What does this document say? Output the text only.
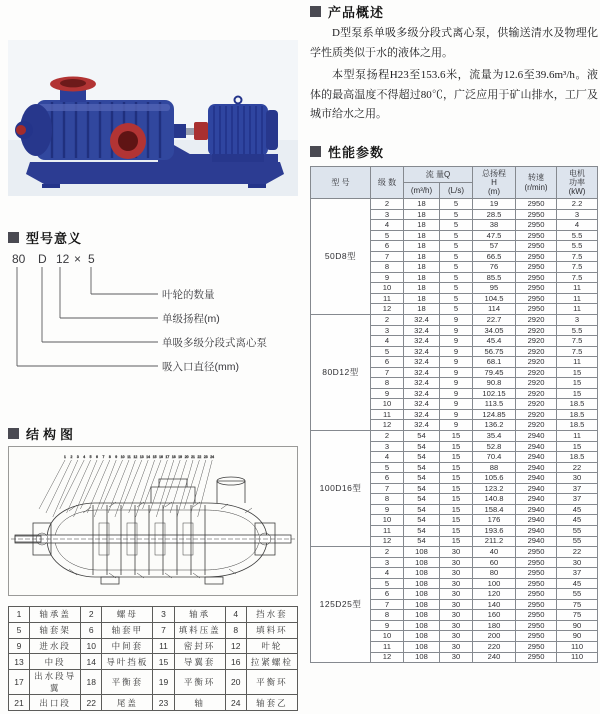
型号意义
80 D 12 × 5
叶轮的数量
单级扬程(m)
单吸多级分段式离心泵
吸入口直径(mm)
结构图
1 2 3 4 5 6 7 8 9 10 11 12 13 14 15 16 17 18 19 20 21 22 23 24
1	轴承盖	2	螺母	3	轴承	4	挡水套
5	轴套架	6	轴套甲	7	填料压盖	8	填料环
9	进水段	10	中间套	11	密封环	12	叶轮
13	中段	14	导叶挡板	15	导翼套	16	拉紧螺栓
17	出水段导翼	18	平衡套	19	平衡环	20	平衡环
21	出口段	22	尾盖	23	轴	24	轴套乙
产品概述

D型泵系单吸多级分段式离心泵，供输送清水及物理化学性质类似于水的液体之用。

本型泵扬程H23至153.6米，流量为12.6至39.6m³/h。液体的最高温度不得超过80℃，广泛应用于矿山排水，工厂及城市给水之用。

性能参数
型 号	级 数	流 量Q		总扬程
H
(m)	转速
(r/min)	电机
功率
(kW)

		(m³/h)	(L/s)			
50D8型	2	18	5	19	2950	2.2
	3	18	5	28.5	2950	3
	4	18	5	38	2950	4
	5	18	5	47.5	2950	5.5
	6	18	5	57	2950	5.5
	7	18	5	66.5	2950	7.5
	8	18	5	76	2950	7.5
	9	18	5	85.5	2950	7.5
	10	18	5	95	2950	11
	11	18	5	104.5	2950	11
	12	18	5	114	2950	11
80D12型	2	32.4	9	22.7	2920	3
	3	32.4	9	34.05	2920	5.5
	4	32.4	9	45.4	2920	7.5
	5	32.4	9	56.75	2920	7.5
	6	32.4	9	68.1	2920	11
	7	32.4	9	79.45	2920	15
	8	32.4	9	90.8	2920	15
	9	32.4	9	102.15	2920	15
	10	32.4	9	113.5	2920	18.5
	11	32.4	9	124.85	2920	18.5
	12	32.4	9	136.2	2920	18.5
100D16型	2	54	15	35.4	2940	11
	3	54	15	52.8	2940	15
	4	54	15	70.4	2940	18.5
	5	54	15	88	2940	22
	6	54	15	105.6	2940	30
	7	54	15	123.2	2940	37
	8	54	15	140.8	2940	37
	9	54	15	158.4	2940	45
	10	54	15	176	2940	45
	11	54	15	193.6	2940	55
	12	54	15	211.2	2940	55
125D25型	2	108	30	40	2950	22
	3	108	30	60	2950	30
	4	108	30	80	2950	37
	5	108	30	100	2950	45
	6	108	30	120	2950	55
	7	108	30	140	2950	75
	8	108	30	160	2950	75
	9	108	30	180	2950	90
	10	108	30	200	2950	90
	11	108	30	220	2950	110
	12	108	30	240	2950	110
